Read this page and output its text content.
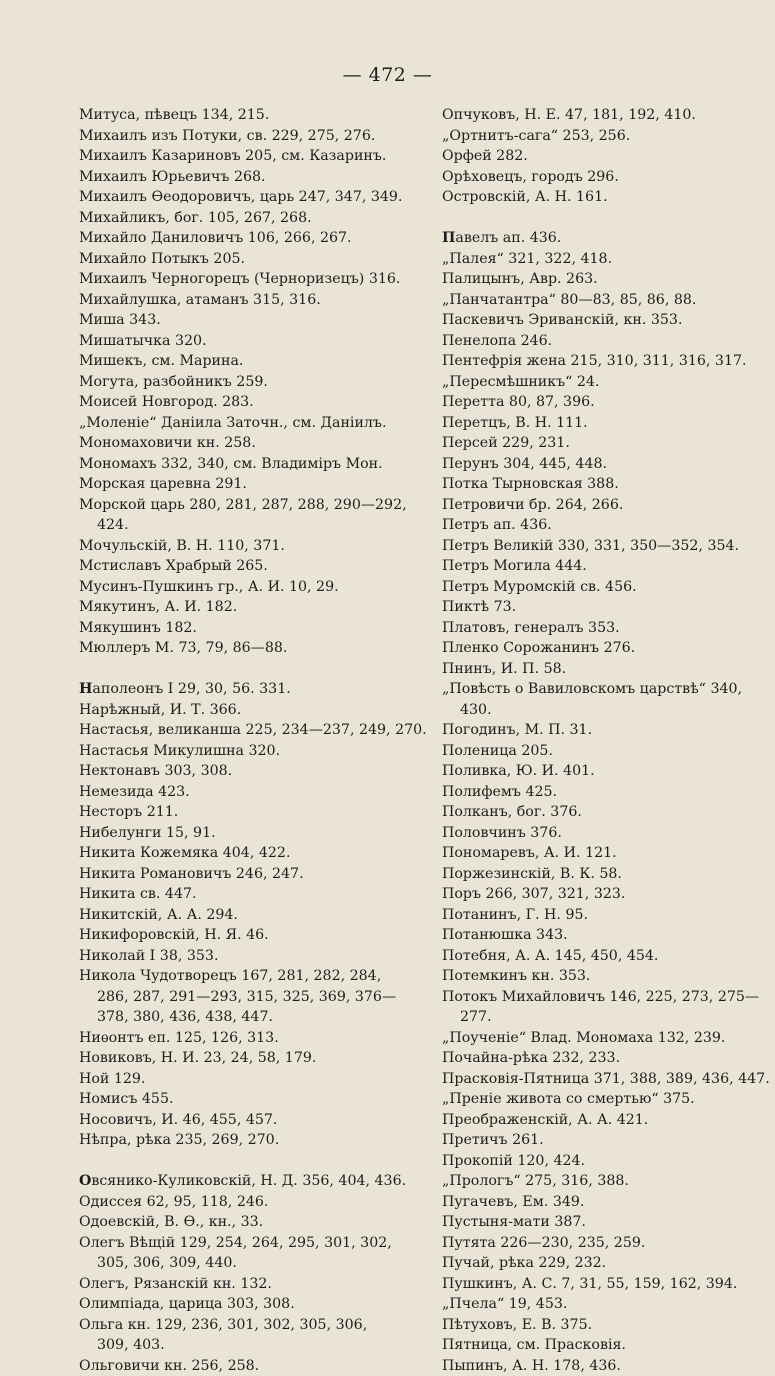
— 472 —
Митуса, пѣвецъ 134, 215.
Михаилъ изъ Потуки, св. 229, 275, 276.
Михаилъ Казариновъ 205, см. Казаринъ.
Михаилъ Юрьевичъ 268.
Михаилъ Ѳеодоровичъ, царь 247, 347, 349.
Михайликъ, бог. 105, 267, 268.
Михайло Даниловичъ 106, 266, 267.
Михайло Потыкъ 205.
Михаилъ Черногорецъ (Черноризецъ) 316.
Михайлушка, атаманъ 315, 316.
Миша 343.
Мишатычка 320.
Мишекъ, см. Марина.
Могута, разбойникъ 259.
Моисей Новгород. 283.
„Моленіе“ Даніила Заточн., см. Даніилъ.
Мономаховичи кн. 258.
Мономахъ 332, 340, см. Владиміръ Мон.
Морская царевна 291.
Морской царь 280, 281, 287, 288, 290—292,
424.
Мочульскій, В. Н. 110, 371.
Мстиславъ Храбрый 265.
Мусинъ-Пушкинъ гр., А. И. 10, 29.
Мякутинъ, А. И. 182.
Мякушинъ 182.
Мюллеръ М. 73, 79, 86—88.
Наполеонъ I 29, 30, 56. 331.
Нарѣжный, И. Т. 366.
Настасья, великанша 225, 234—237, 249, 270.
Настасья Микулишна 320.
Нектонавъ 303, 308.
Немезида 423.
Несторъ 211.
Нибелунги 15, 91.
Никита Кожемяка 404, 422.
Никита Романовичъ 246, 247.
Никита св. 447.
Никитскій, А. А. 294.
Никифоровскій, Н. Я. 46.
Николай I 38, 353.
Никола Чудотворецъ 167, 281, 282, 284,
286, 287, 291—293, 315, 325, 369, 376—
378, 380, 436, 438, 447.
Ниѳонтъ еп. 125, 126, 313.
Новиковъ, Н. И. 23, 24, 58, 179.
Ной 129.
Номисъ 455.
Носовичъ, И. 46, 455, 457.
Нѣпра, рѣка 235, 269, 270.
Овсянико-Куликовскій, Н. Д. 356, 404, 436.
Одиссея 62, 95, 118, 246.
Одоевскій, В. Ѳ., кн., 33.
Олегъ Вѣщій 129, 254, 264, 295, 301, 302,
305, 306, 309, 440.
Олегъ, Рязанскій кн. 132.
Олимпіада, царица 303, 308.
Ольга кн. 129, 236, 301, 302, 305, 306,
309, 403.
Ольговичи кн. 256, 258.
Опчуковъ, Н. Е. 47, 181, 192, 410.
„Ортнитъ-сага“ 253, 256.
Орфей 282.
Орѣховецъ, городъ 296.
Островскій, А. Н. 161.
Павелъ ап. 436.
„Палея“ 321, 322, 418.
Палицынъ, Авр. 263.
„Панчатантра“ 80—83, 85, 86, 88.
Паскевичъ Эриванскій, кн. 353.
Пенелопа 246.
Пентефрія жена 215, 310, 311, 316, 317.
„Пересмѣшникъ“ 24.
Перетта 80, 87, 396.
Перетцъ, В. Н. 111.
Персей 229, 231.
Перунъ 304, 445, 448.
Потка Тырновская 388.
Петровичи бр. 264, 266.
Петръ ап. 436.
Петръ Великій 330, 331, 350—352, 354.
Петръ Могила 444.
Петръ Муромскій св. 456.
Пиктѣ 73.
Платовъ, генералъ 353.
Пленко Сорожанинъ 276.
Пнинъ, И. П. 58.
„Повѣсть о Вавиловскомъ царствѣ“ 340,
430.
Погодинъ, М. П. 31.
Поленица 205.
Поливка, Ю. И. 401.
Полифемъ 425.
Полканъ, бог. 376.
Половчинъ 376.
Пономаревъ, А. И. 121.
Поржезинскій, В. К. 58.
Поръ 266, 307, 321, 323.
Потанинъ, Г. Н. 95.
Потанюшка 343.
Потебня, А. А. 145, 450, 454.
Потемкинъ кн. 353.
Потокъ Михайловичъ 146, 225, 273, 275—
277.
„Поученіе“ Влад. Мономаха 132, 239.
Почайна-рѣка 232, 233.
Прасковія-Пятница 371, 388, 389, 436, 447.
„Преніе живота со смертью“ 375.
Преображенскій, А. А. 421.
Претичъ 261.
Прокопій 120, 424.
„Прологъ“ 275, 316, 388.
Пугачевъ, Ем. 349.
Пустыня-мати 387.
Путята 226—230, 235, 259.
Пучай, рѣка 229, 232.
Пушкинъ, А. С. 7, 31, 55, 159, 162, 394.
„Пчела“ 19, 453.
Пѣтуховъ, Е. В. 375.
Пятница, см. Прасковія.
Пыпинъ, А. Н. 178, 436.
